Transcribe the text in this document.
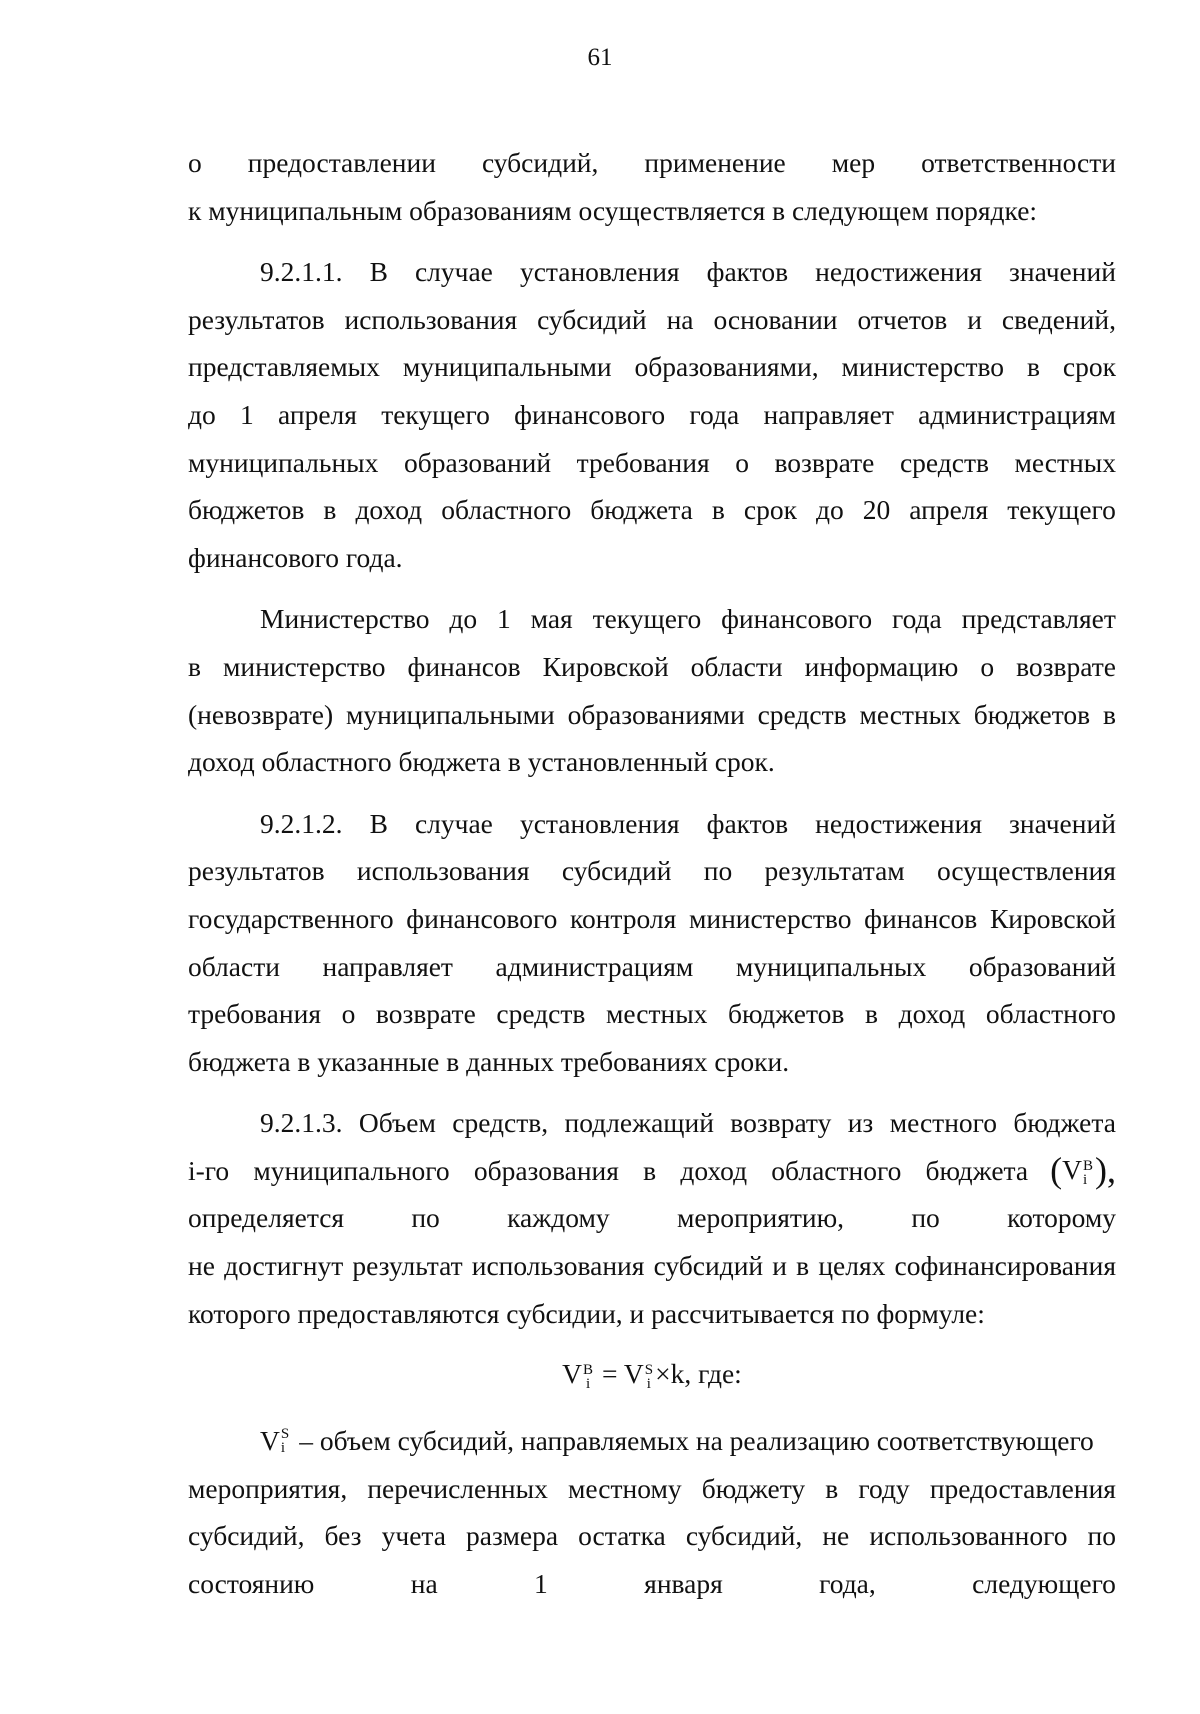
61
о предоставлении субсидий, применение мер ответственности
к муниципальным образованиям осуществляется в следующем порядке:
9.2.1.1. В случае установления фактов недостижения значений
результатов использования субсидий на основании отчетов и сведений,
представляемых муниципальными образованиями, министерство в срок
до 1 апреля текущего финансового года направляет администрациям
муниципальных образований требования о возврате средств местных
бюджетов в доход областного бюджета в срок до 20 апреля текущего
финансового года.
Министерство до 1 мая текущего финансового года представляет
в министерство финансов Кировской области информацию о возврате
(невозврате) муниципальными образованиями средств местных бюджетов в
доход областного бюджета в установленный срок.
9.2.1.2. В случае установления фактов недостижения значений
результатов использования субсидий по результатам осуществления
государственного финансового контроля министерство финансов Кировской
области направляет администрациям муниципальных образований
требования о возврате средств местных бюджетов в доход областного
бюджета в указанные в данных требованиях сроки.
9.2.1.3. Объем средств, подлежащий возврату из местного бюджета
i-го муниципального образования в доход областного бюджета (V B
i ),
определяется по каждому мероприятию, по которому
не достигнут результат использования субсидий и в целях софинансирования
которого предоставляются субсидии, и рассчитывается по формуле:
V B
i = V S
i ×k, где:
V S
i – объем субсидий, направляемых на реализацию соответствующего
мероприятия, перечисленных местному бюджету в году предоставления
субсидий, без учета размера остатка субсидий, не использованного по
состоянию	на	1	января	года,	следующего
